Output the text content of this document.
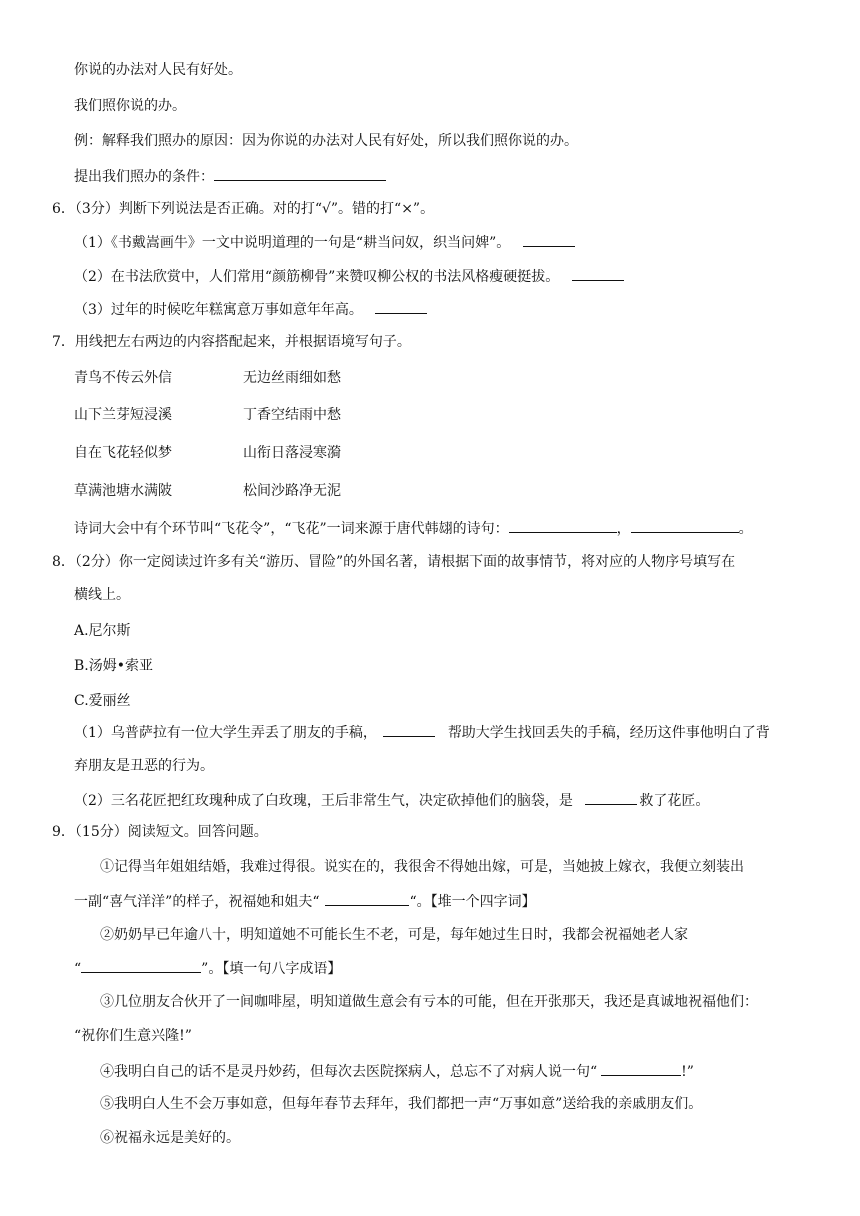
你说的办法对人民有好处。
我们照你说的办。
例：解释我们照办的原因：因为你说的办法对人民有好处，所以我们照你说的办。
提出我们照办的条件：
6．（3分）判断下列说法是否正确。对的打“√”。错的打“×”。
（1）《书戴嵩画牛》一文中说明道理的一句是“耕当问奴，织当问婢”。
（2）在书法欣赏中，人们常用“颜筋柳骨”来赞叹柳公权的书法风格瘦硬挺拔。
（3）过年的时候吃年糕寓意万事如意年年高。
7．用线把左右两边的内容搭配起来，并根据语境写句子。
青鸟不传云外信	无边丝雨细如愁
山下兰芽短浸溪	丁香空结雨中愁
自在飞花轻似梦	山衔日落浸寒漪
草满池塘水满陂	松间沙路净无泥
诗词大会中有个环节叫“飞花令”，“飞花”一词来源于唐代韩翃的诗句：	，	。
8．（2分）你一定阅读过许多有关“游历、冒险”的外国名著，请根据下面的故事情节，将对应的人物序号填写在
横线上。
A.尼尔斯
B.汤姆•索亚
C.爱丽丝
（1）乌普萨拉有一位大学生弄丢了朋友的手稿，	帮助大学生找回丢失的手稿，经历这件事他明白了背
弃朋友是丑恶的行为。
（2）三名花匠把红玫瑰种成了白玫瑰，王后非常生气，决定砍掉他们的脑袋，是	救了花匠。
9．（15分）阅读短文。回答问题。
①记得当年姐姐结婚，我难过得很。说实在的，我很舍不得她出嫁，可是，当她披上嫁衣，我便立刻装出
一副“喜气洋洋”的样子，祝福她和姐夫“	“。【堆一个四字词】
②奶奶早已年逾八十，明知道她不可能长生不老，可是，每年她过生日时，我都会祝福她老人家
“	”。【填一句八字成语】
③几位朋友合伙开了一间咖啡屋，明知道做生意会有亏本的可能，但在开张那天，我还是真诚地祝福他们：
“祝你们生意兴隆!”
④我明白自己的话不是灵丹妙药，但每次去医院探病人，总忘不了对病人说一句“	!”
⑤我明白人生不会万事如意，但每年春节去拜年，我们都把一声“万事如意”送给我的亲戚朋友们。
⑥祝福永远是美好的。
